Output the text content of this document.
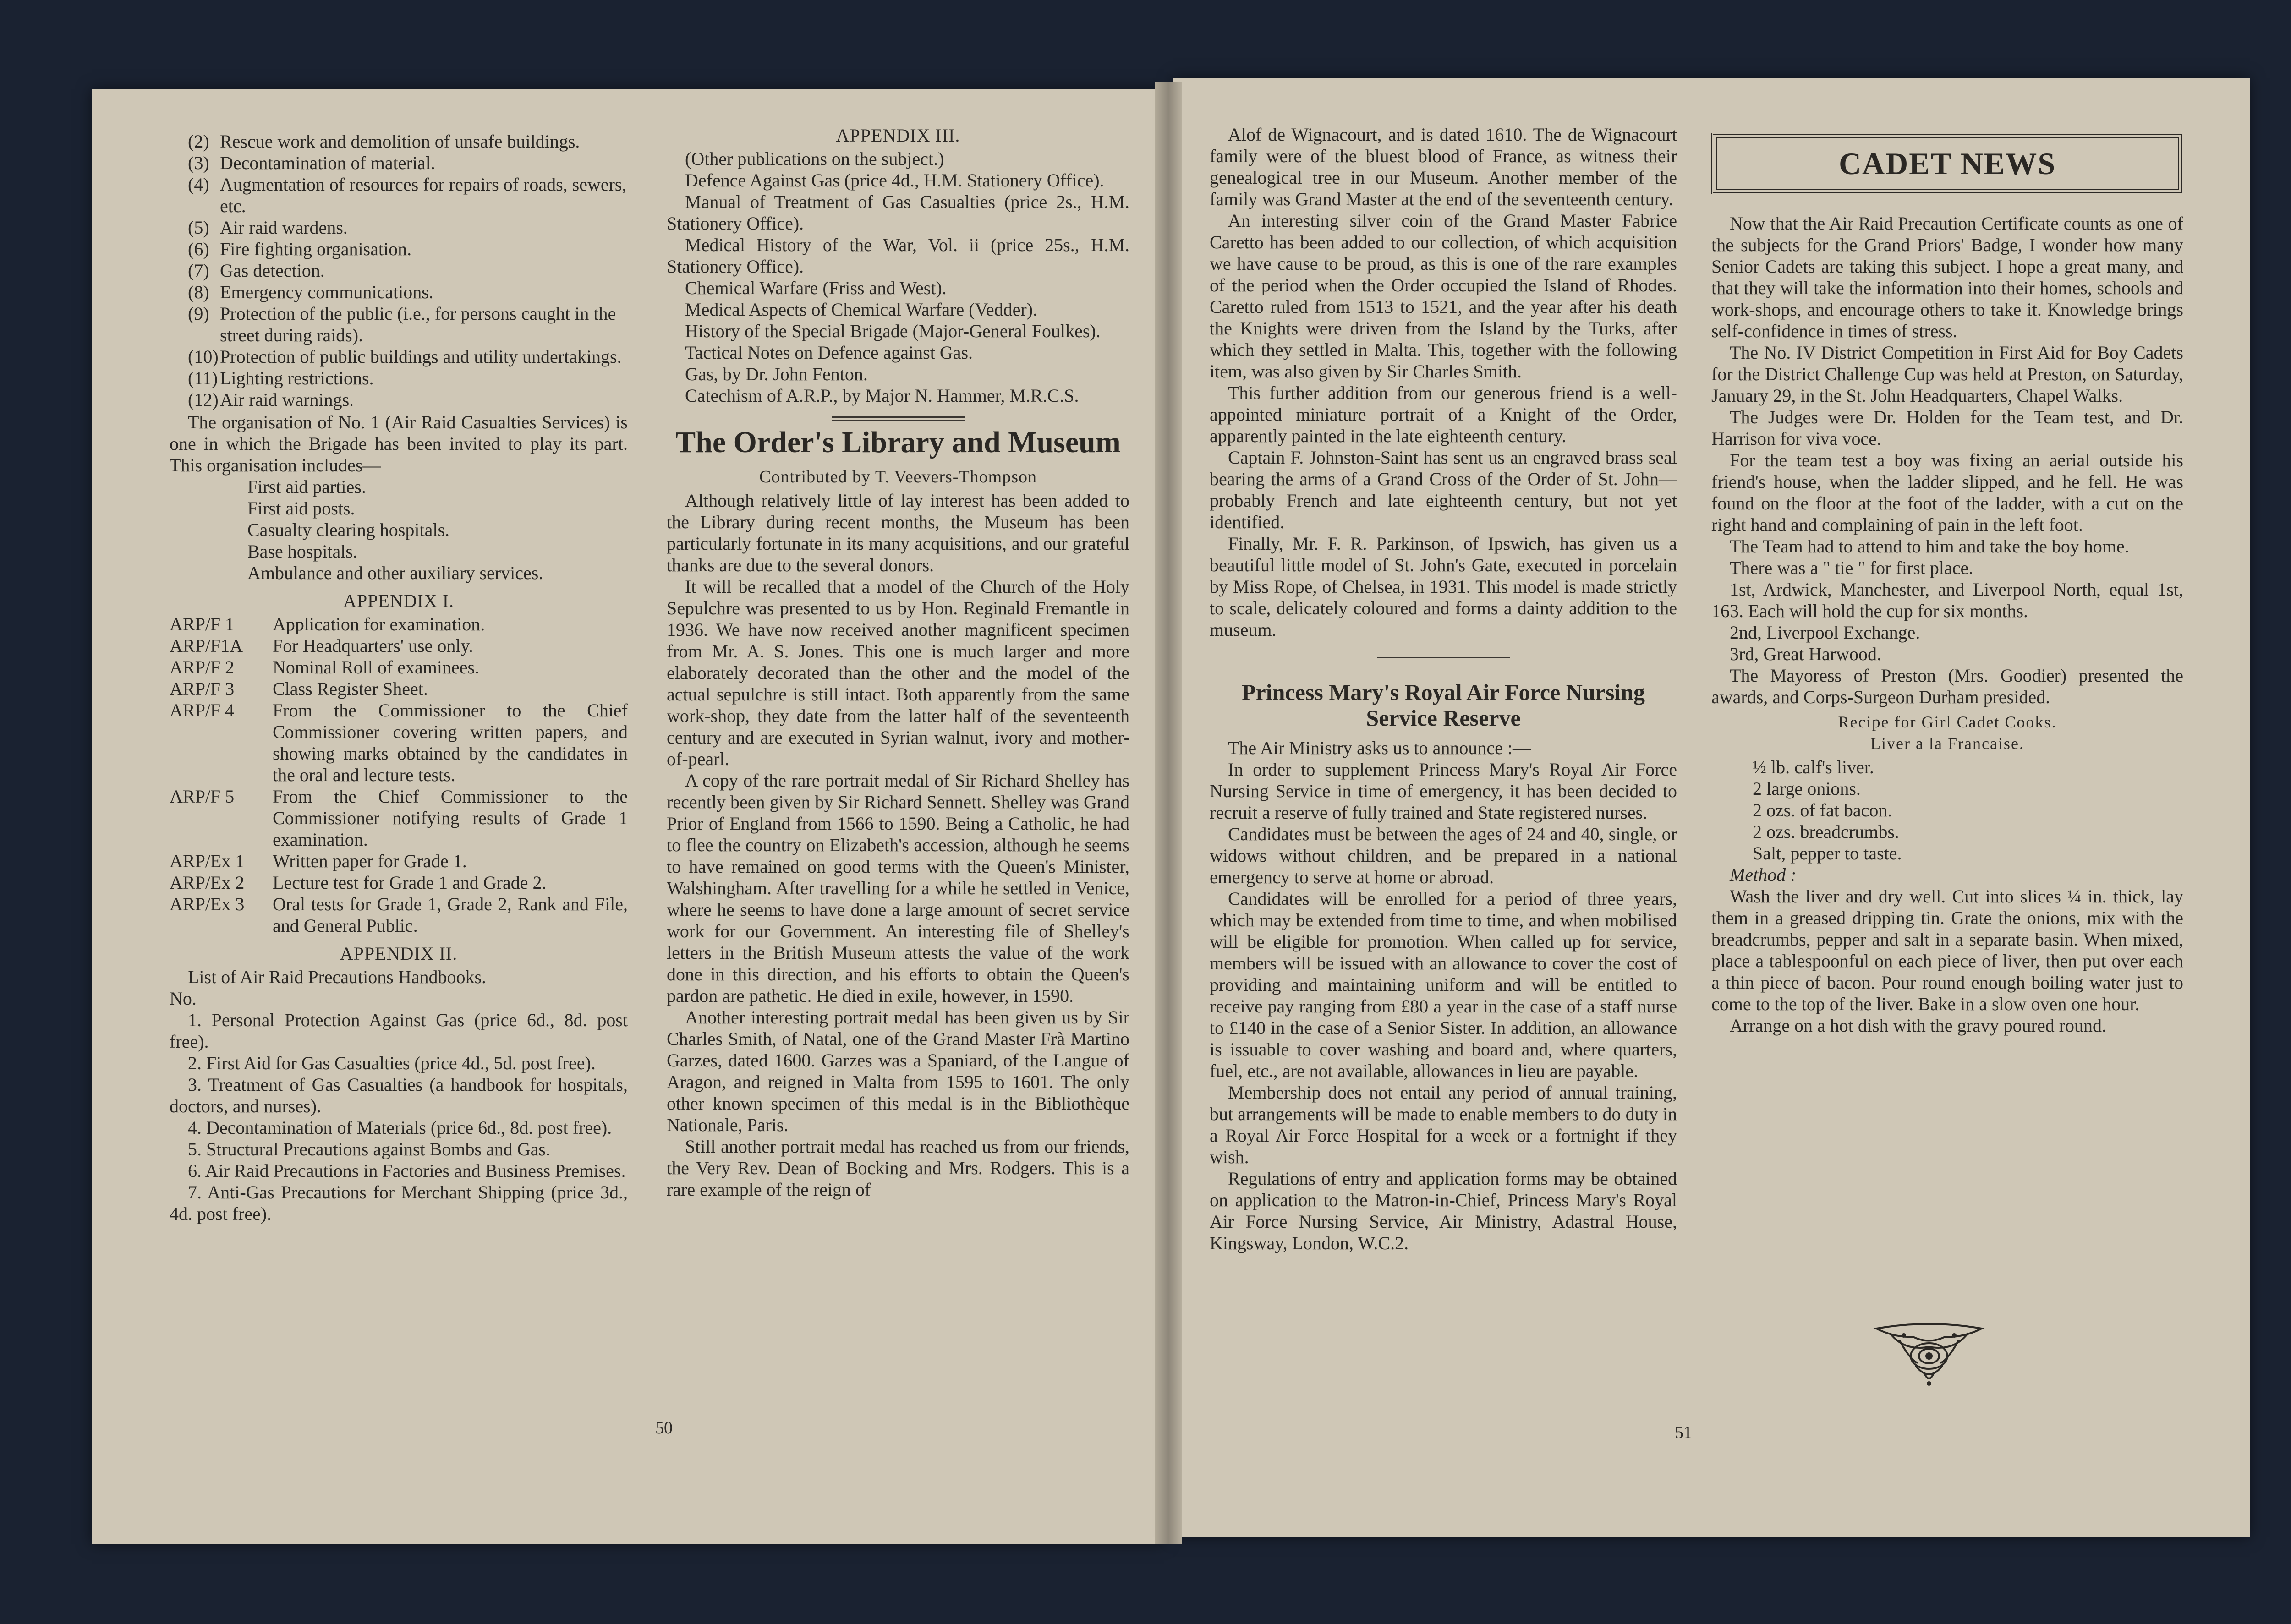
(2) Rescue work and demolition of unsafe buildings.
(3) Decontamination of material.
(4) Augmentation of resources for repairs of roads, sewers, etc.
(5) Air raid wardens.
(6) Fire fighting organisation.
(7) Gas detection.
(8) Emergency communications.
(9) Protection of the public (i.e., for persons caught in the street during raids).
(10)Protection of public buildings and utility undertakings.
(11) Lighting restrictions.
(12)Air raid warnings.

The organisation of No. 1 (Air Raid Casualties Services) is one in which the Brigade has been invited to play its part. This organisation includes—

First aid parties.

First aid posts.

Casualty clearing hospitals.

Base hospitals.

Ambulance and other auxiliary services.

APPENDIX I.
ARP/F 1	Application for examination.
ARP/F1A	For Headquarters' use only.
ARP/F 2	Nominal Roll of examinees.
ARP/F 3	Class Register Sheet.
ARP/F 4	From the Commissioner to the Chief Commissioner covering written papers, and showing marks obtained by the candidates in the oral and lecture tests.
ARP/F 5	From the Chief Commissioner to the Commissioner notifying results of Grade 1 examination.
ARP/Ex 1	Written paper for Grade 1.
ARP/Ex 2	Lecture test for Grade 1 and Grade 2.
ARP/Ex 3	Oral tests for Grade 1, Grade 2, Rank and File, and General Public.
APPENDIX II.

List of Air Raid Precautions Handbooks.

No.

1. Personal Protection Against Gas (price 6d., 8d. post free).

2. First Aid for Gas Casualties (price 4d., 5d. post free).

3. Treatment of Gas Casualties (a handbook for hospitals, doctors, and nurses).

4. Decontamination of Materials (price 6d., 8d. post free).

5. Structural Precautions against Bombs and Gas.

6. Air Raid Precautions in Factories and Business Premises.

7. Anti-Gas Precautions for Merchant Shipping (price 3d., 4d. post free).

APPENDIX III.

(Other publications on the subject.)

Defence Against Gas (price 4d., H.M. Stationery Office).

Manual of Treatment of Gas Casualties (price 2s., H.M. Stationery Office).

Medical History of the War, Vol. ii (price 25s., H.M. Stationery Office).

Chemical Warfare (Friss and West).

Medical Aspects of Chemical Warfare (Vedder).

History of the Special Brigade (Major-General Foulkes).

Tactical Notes on Defence against Gas.

Gas, by Dr. John Fenton.

Catechism of A.R.P., by Major N. Hammer, M.R.C.S.

The Order's Library and Museum
Contributed by T. Veevers-Thompson

Although relatively little of lay interest has been added to the Library during recent months, the Museum has been particularly fortunate in its many acquisitions, and our grateful thanks are due to the several donors.

It will be recalled that a model of the Church of the Holy Sepulchre was presented to us by Hon. Reginald Fremantle in 1936. We have now received another magnificent specimen from Mr. A. S. Jones. This one is much larger and more elaborately decorated than the other and the model of the actual sepulchre is still intact. Both apparently from the same work-shop, they date from the latter half of the seventeenth century and are executed in Syrian walnut, ivory and mother-of-pearl.

A copy of the rare portrait medal of Sir Richard Shelley has recently been given by Sir Richard Sennett. Shelley was Grand Prior of England from 1566 to 1590. Being a Catholic, he had to flee the country on Elizabeth's accession, although he seems to have remained on good terms with the Queen's Minister, Walshingham. After travelling for a while he settled in Venice, where he seems to have done a large amount of secret service work for our Government. An interesting file of Shelley's letters in the British Museum attests the value of the work done in this direction, and his efforts to obtain the Queen's pardon are pathetic. He died in exile, however, in 1590.

Another interesting portrait medal has been given us by Sir Charles Smith, of Natal, one of the Grand Master Frà Martino Garzes, dated 1600. Garzes was a Spaniard, of the Langue of Aragon, and reigned in Malta from 1595 to 1601. The only other known specimen of this medal is in the Bibliothèque Nationale, Paris.

Still another portrait medal has reached us from our friends, the Very Rev. Dean of Bocking and Mrs. Rodgers. This is a rare example of the reign of

50

Alof de Wignacourt, and is dated 1610. The de Wignacourt family were of the bluest blood of France, as witness their genealogical tree in our Museum. Another member of the family was Grand Master at the end of the seventeenth century.

An interesting silver coin of the Grand Master Fabrice Caretto has been added to our collection, of which acquisition we have cause to be proud, as this is one of the rare examples of the period when the Order occupied the Island of Rhodes. Caretto ruled from 1513 to 1521, and the year after his death the Knights were driven from the Island by the Turks, after which they settled in Malta. This, together with the following item, was also given by Sir Charles Smith.

This further addition from our generous friend is a well-appointed miniature portrait of a Knight of the Order, apparently painted in the late eighteenth century.

Captain F. Johnston-Saint has sent us an engraved brass seal bearing the arms of a Grand Cross of the Order of St. John—probably French and late eighteenth century, but not yet identified.

Finally, Mr. F. R. Parkinson, of Ipswich, has given us a beautiful little model of St. John's Gate, executed in porcelain by Miss Rope, of Chelsea, in 1931. This model is made strictly to scale, delicately coloured and forms a dainty addition to the museum.

Princess Mary's Royal Air Force Nursing Service Reserve

The Air Ministry asks us to announce :—

In order to supplement Princess Mary's Royal Air Force Nursing Service in time of emergency, it has been decided to recruit a reserve of fully trained and State registered nurses.

Candidates must be between the ages of 24 and 40, single, or widows without children, and be prepared in a national emergency to serve at home or abroad.

Candidates will be enrolled for a period of three years, which may be extended from time to time, and when mobilised will be eligible for promotion. When called up for service, members will be issued with an allowance to cover the cost of providing and maintaining uniform and will be entitled to receive pay ranging from £80 a year in the case of a staff nurse to £140 in the case of a Senior Sister. In addition, an allowance is issuable to cover washing and board and, where quarters, fuel, etc., are not available, allowances in lieu are payable.

Membership does not entail any period of annual training, but arrangements will be made to enable members to do duty in a Royal Air Force Hospital for a week or a fortnight if they wish.

Regulations of entry and application forms may be obtained on application to the Matron-in-Chief, Princess Mary's Royal Air Force Nursing Service, Air Ministry, Adastral House, Kingsway, London, W.C.2.

51
CADET NEWS

Now that the Air Raid Precaution Certificate counts as one of the subjects for the Grand Priors' Badge, I wonder how many Senior Cadets are taking this subject. I hope a great many, and that they will take the information into their homes, schools and work-shops, and encourage others to take it. Knowledge brings self-confidence in times of stress.

The No. IV District Competition in First Aid for Boy Cadets for the District Challenge Cup was held at Preston, on Saturday, January 29, in the St. John Headquarters, Chapel Walks.

The Judges were Dr. Holden for the Team test, and Dr. Harrison for viva voce.

For the team test a boy was fixing an aerial outside his friend's house, when the ladder slipped, and he fell. He was found on the floor at the foot of the ladder, with a cut on the right hand and complaining of pain in the left foot.

The Team had to attend to him and take the boy home.

There was a " tie " for first place.

1st, Ardwick, Manchester, and Liverpool North, equal 1st, 163. Each will hold the cup for six months.

2nd, Liverpool Exchange.

3rd, Great Harwood.

The Mayoress of Preston (Mrs. Goodier) presented the awards, and Corps-Surgeon Durham presided.

Recipe for Girl Cadet Cooks.
Liver a la Francaise.

½ lb. calf's liver.

2 large onions.

2 ozs. of fat bacon.

2 ozs. breadcrumbs.

Salt, pepper to taste.

Method :

Wash the liver and dry well. Cut into slices ¼ in. thick, lay them in a greased dripping tin. Grate the onions, mix with the breadcrumbs, pepper and salt in a separate basin. When mixed, place a tablespoonful on each piece of liver, then put over each a thin piece of bacon. Pour round enough boiling water just to come to the top of the liver. Bake in a slow oven one hour.

Arrange on a hot dish with the gravy poured round.
